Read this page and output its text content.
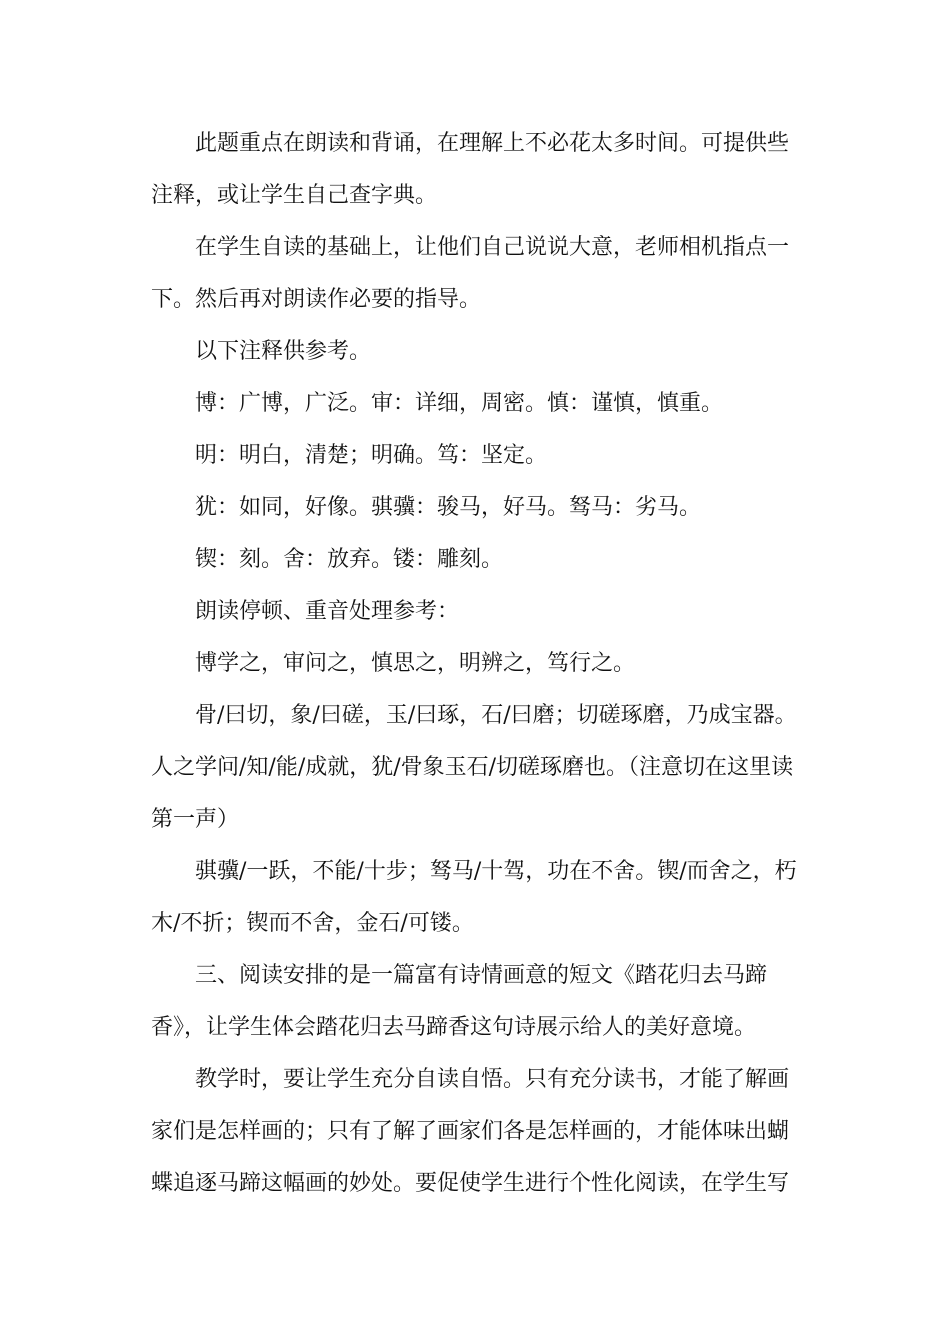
此题重点在朗读和背诵，在理解上不必花太多时间。可提供些注释，或让学生自己查字典。

在学生自读的基础上，让他们自己说说大意，老师相机指点一下。然后再对朗读作必要的指导。

以下注释供参考。

博：广博，广泛。审：详细，周密。慎：谨慎，慎重。

明：明白，清楚；明确。笃：坚定。

犹：如同，好像。骐骥：骏马，好马。驽马：劣马。

锲：刻。舍：放弃。镂：雕刻。

朗读停顿、重音处理参考：

博学之，审问之，慎思之，明辨之，笃行之。

骨/曰切，象/曰磋，玉/曰琢，石/曰磨；切磋琢磨，乃成宝器。人之学问/知/能/成就，犹/骨象玉石/切磋琢磨也。（注意切在这里读第一声）

骐骥/一跃，不能/十步；驽马/十驾，功在不舍。锲/而舍之，朽木/不折；锲而不舍，金石/可镂。

三、阅读安排的是一篇富有诗情画意的短文《踏花归去马蹄香》，让学生体会踏花归去马蹄香这句诗展示给人的美好意境。

教学时，要让学生充分自读自悟。只有充分读书，才能了解画家们是怎样画的；只有了解了画家们各是怎样画的，才能体味出蝴蝶追逐马蹄这幅画的妙处。要促使学生进行个性化阅读，在学生写
